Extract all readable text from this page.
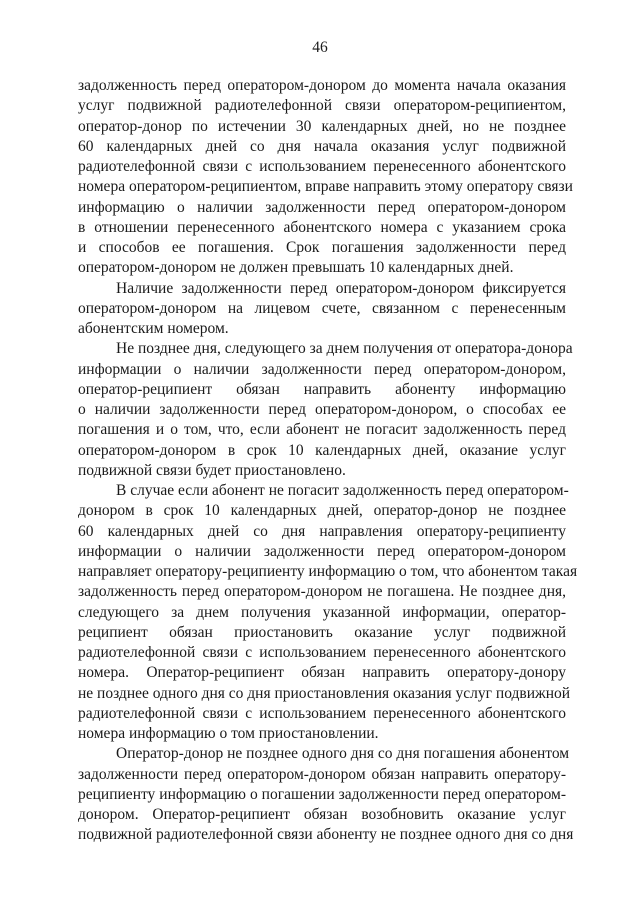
46

задолженность перед оператором-донором до момента начала оказания
услуг подвижной радиотелефонной связи оператором-реципиентом,
оператор-донор по истечении 30 календарных дней, но не позднее
60 календарных дней со дня начала оказания услуг подвижной
радиотелефонной связи с использованием перенесенного абонентского
номера оператором-реципиентом, вправе направить этому оператору связи
информацию о наличии задолженности перед оператором-донором
в отношении перенесенного абонентского номера с указанием срока
и способов ее погашения. Срок погашения задолженности перед
оператором-донором не должен превышать 10 календарных дней.

Наличие задолженности перед оператором-донором фиксируется
оператором-донором на лицевом счете, связанном с перенесенным
абонентским номером.

Не позднее дня, следующего за днем получения от оператора-донора
информации о наличии задолженности перед оператором-донором,
оператор-реципиент обязан направить абоненту информацию
о наличии задолженности перед оператором-донором, о способах ее
погашения и о том, что, если абонент не погасит задолженность перед
оператором-донором в срок 10 календарных дней, оказание услуг
подвижной связи будет приостановлено.

В случае если абонент не погасит задолженность перед оператором-
донором в срок 10 календарных дней, оператор-донор не позднее
60 календарных дней со дня направления оператору-реципиенту
информации о наличии задолженности перед оператором-донором
направляет оператору-реципиенту информацию о том, что абонентом такая
задолженность перед оператором-донором не погашена. Не позднее дня,
следующего за днем получения указанной информации, оператор-
реципиент обязан приостановить оказание услуг подвижной
радиотелефонной связи с использованием перенесенного абонентского
номера. Оператор-реципиент обязан направить оператору-донору
не позднее одного дня со дня приостановления оказания услуг подвижной
радиотелефонной связи с использованием перенесенного абонентского
номера информацию о том приостановлении.

Оператор-донор не позднее одного дня со дня погашения абонентом
задолженности перед оператором-донором обязан направить оператору-
реципиенту информацию о погашении задолженности перед оператором-
донором. Оператор-реципиент обязан возобновить оказание услуг
подвижной радиотелефонной связи абоненту не позднее одного дня со дня
